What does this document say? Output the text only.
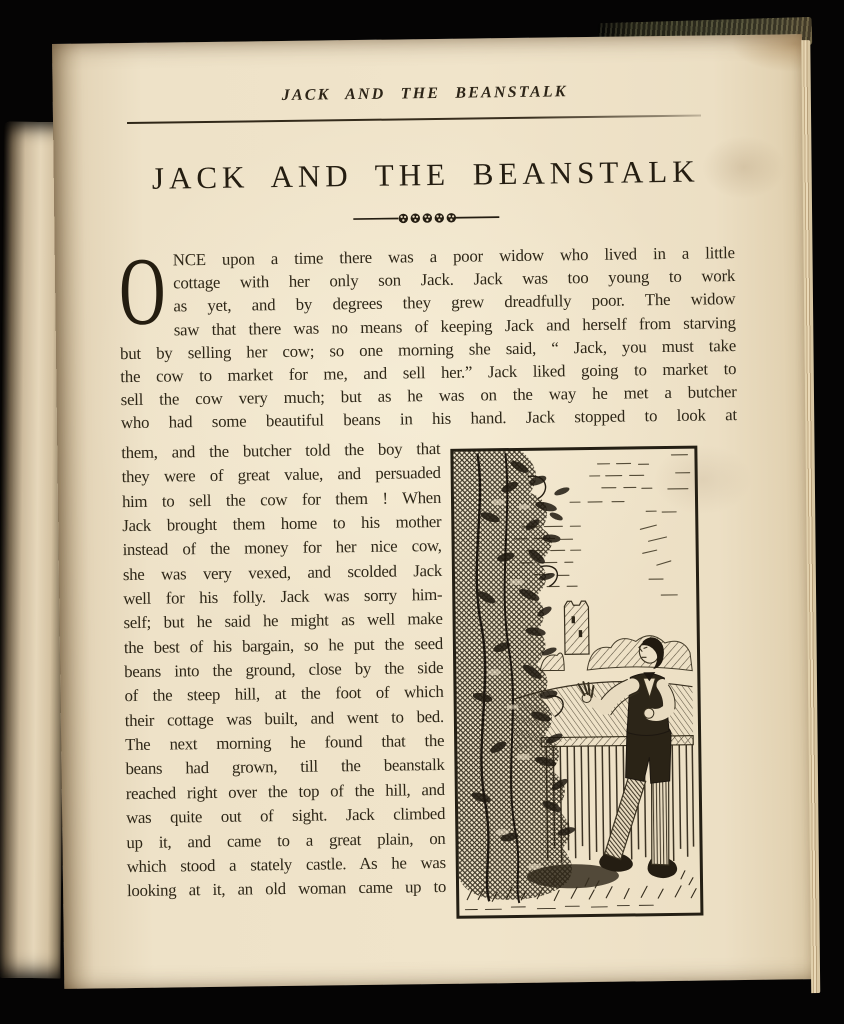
JACK AND THE BEANSTALK
JACK AND THE BEANSTALK
O NCE upon a time there was a poor widow who lived in a little
cottage with her only son Jack. Jack was too young to work
as yet, and by degrees they grew dreadfully poor. The widow
saw that there was no means of keeping Jack and herself from starving
but by selling her cow; so one morning she said, “ Jack, you must take
the cow to market for me, and sell her.” Jack liked going to market to
sell the cow very much; but as he was on the way he met a butcher
who had some beautiful beans in his hand. Jack stopped to look at
them, and the butcher told the boy that
they were of great value, and persuaded
him to sell the cow for them ! When
Jack brought them home to his mother
instead of the money for her nice cow,
she was very vexed, and scolded Jack
well for his folly. Jack was sorry him-
self; but he said he might as well make
the best of his bargain, so he put the seed
beans into the ground, close by the side
of the steep hill, at the foot of which
their cottage was built, and went to bed.
The next morning he found that the
beans had grown, till the beanstalk
reached right over the top of the hill, and
was quite out of sight. Jack climbed
up it, and came to a great plain, on
which stood a stately castle. As he was
looking at it, an old woman came up to
